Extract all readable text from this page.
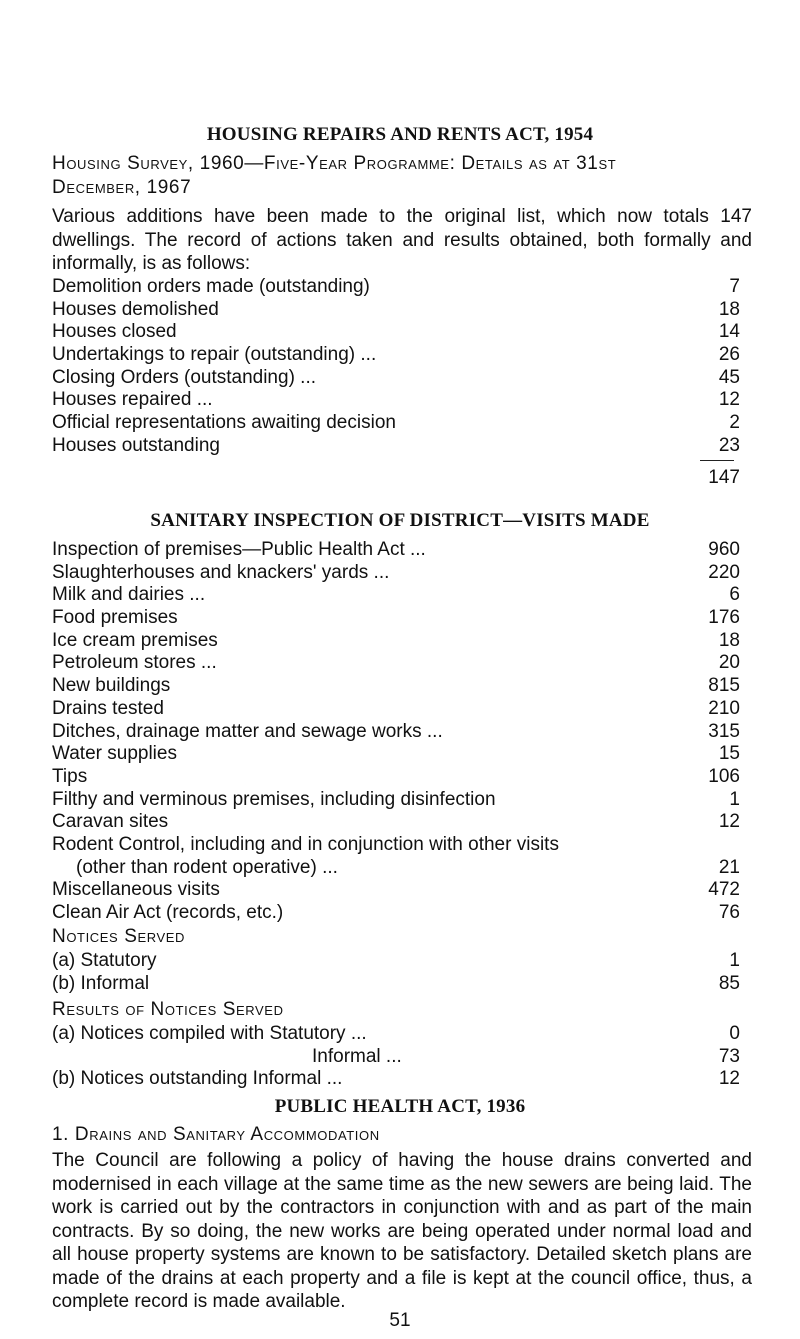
HOUSING REPAIRS AND RENTS ACT, 1954
Housing Survey, 1960—Five-Year Programme: Details as at 31st
December, 1967
Various additions have been made to the original list, which now totals 147 dwellings. The record of actions taken and results obtained, both formally and informally, is as follows:
Demolition orders made (outstanding)	7
Houses demolished	18
Houses closed	14
Undertakings to repair (outstanding) ...	26
Closing Orders (outstanding) ...	45
Houses repaired ...	12
Official representations awaiting decision	2
Houses outstanding	23
147
SANITARY INSPECTION OF DISTRICT—VISITS MADE
Inspection of premises—Public Health Act ...	960
Slaughterhouses and knackers' yards ...	220
Milk and dairies ...	6
Food premises	176
Ice cream premises	18
Petroleum stores ...	20
New buildings	815
Drains tested	210
Ditches, drainage matter and sewage works ...	315
Water supplies	15
Tips	106
Filthy and verminous premises, including disinfection	1
Caravan sites	12
Rodent Control, including and in conjunction with other visits
(other than rodent operative) ...	21
Miscellaneous visits	472
Clean Air Act (records, etc.)	76
Notices Served
(a) Statutory	1
(b) Informal	85
Results of Notices Served
(a) Notices compiled with Statutory ...	0
Informal ...	73
(b) Notices outstanding Informal ...	12
PUBLIC HEALTH ACT, 1936
1. Drains and Sanitary Accommodation
The Council are following a policy of having the house drains converted and modernised in each village at the same time as the new sewers are being laid. The work is carried out by the contractors in conjunction with and as part of the main contracts. By so doing, the new works are being operated under normal load and all house property systems are known to be satisfactory. Detailed sketch plans are made of the drains at each property and a file is kept at the council office, thus, a complete record is made available.
51
